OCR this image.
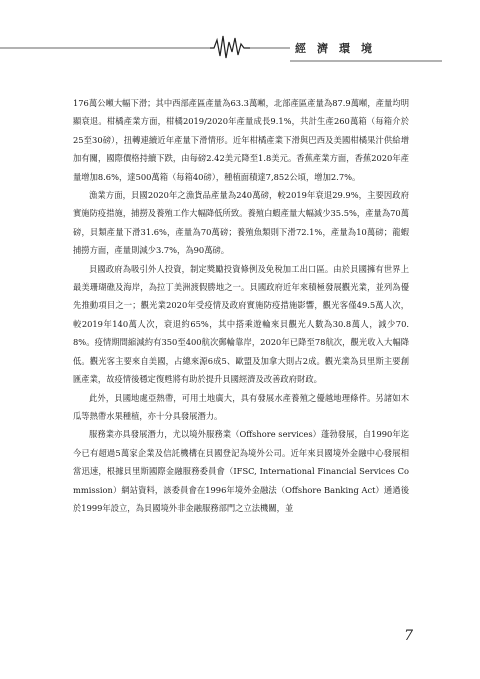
經濟環境

176萬公噸大幅下滑；其中西部產區產量為63.3萬噸，北部產區產量為87.9萬噸，產量均明顯衰退。柑橘產業方面，柑橘2019/2020年產量成長9.1%，共計生產260萬箱（每箱介於25至30磅），扭轉連續近年產量下滑情形。近年柑橘產業下滑與巴西及美國柑橘果汁供給增加有關，國際價格持續下跌，由每磅2.42美元降至1.8美元。香蕉產業方面，香蕉2020年產量增加8.6%，達500萬箱（每箱40磅），種植面積達7,852公頃，增加2.7%。

漁業方面，貝國2020年之漁貨品產量為240萬磅，較2019年衰退29.9%，主要因政府實施防疫措施，捕撈及養殖工作大幅降低所致。養殖白蝦產量大幅減少35.5%，產量為70萬磅，貝類產量下滑31.6%，產量為70萬磅；養殖魚類則下滑72.1%，產量為10萬磅；龍蝦捕撈方面，產量則減少3.7%，為90萬磅。

貝國政府為吸引外人投資，制定獎勵投資條例及免稅加工出口區。由於貝國擁有世界上最美珊瑚礁及海岸，為拉丁美洲渡假勝地之一。貝國政府近年來積極發展觀光業，並列為優先推動項目之一；觀光業2020年受疫情及政府實施防疫措施影響，觀光客僅49.5萬人次，較2019年140萬人次，衰退約65%，其中搭乘遊輪來貝觀光人數為30.8萬人，減少70.8%。疫情期間縮減約有350至400航次郵輪靠岸，2020年已降至78航次，觀光收入大幅降低。觀光客主要來自美國，占總來源6成5、歐盟及加拿大則占2成。觀光業為貝里斯主要創匯產業，故疫情後穩定復甦將有助於提升貝國經濟及改善政府財政。

此外，貝國地處亞熱帶，可用土地廣大，具有發展水產養殖之優越地理條件。另諸如木瓜等熱帶水果種植，亦十分具發展潛力。

服務業亦具發展潛力，尤以境外服務業（Offshore services）蓬勃發展，自1990年迄今已有超過5萬家企業及信託機構在貝國登記為境外公司。近年來貝國境外金融中心發展相當迅速，根據貝里斯國際金融服務委員會（IFSC, International Financial Services Commission）網站資料，該委員會在1996年境外金融法（Offshore Banking Act）通過後於1999年設立，為貝國境外非金融服務部門之立法機關，並

7
